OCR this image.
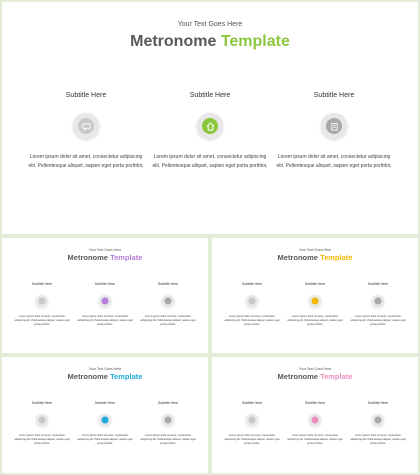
Your Text Goes Here
Metronome Template
Subtitle Here
Lorem ipsum dolor sit amet, consectetur adipiscing elit. Pellentesque aliquet, sapien eget porta porttitor,
Subtitle Here
Lorem ipsum dolor sit amet, consectetur adipiscing elit. Pellentesque aliquet, sapien eget porta porttitor,
Subtitle Here
Lorem ipsum dolor sit amet, consectetur adipiscing elit. Pellentesque aliquet, sapien eget porta porttitor,
Your Text Goes Here
Metronome Template
Subtitle Here
Lorem ipsum dolor sit amet, consectetur adipiscing elit. Pellentesque aliquet, sapien eget porta porttitor,
Subtitle Here
Lorem ipsum dolor sit amet, consectetur adipiscing elit. Pellentesque aliquet, sapien eget porta porttitor,
Subtitle Here
Lorem ipsum dolor sit amet, consectetur adipiscing elit. Pellentesque aliquet, sapien eget porta porttitor,
Your Text Goes Here
Metronome Template
Subtitle Here
Lorem ipsum dolor sit amet, consectetur adipiscing elit. Pellentesque aliquet, sapien eget porta porttitor,
Subtitle Here
Lorem ipsum dolor sit amet, consectetur adipiscing elit. Pellentesque aliquet, sapien eget porta porttitor,
Subtitle Here
Lorem ipsum dolor sit amet, consectetur adipiscing elit. Pellentesque aliquet, sapien eget porta porttitor,
Your Text Goes Here
Metronome Template
Subtitle Here
Lorem ipsum dolor sit amet, consectetur adipiscing elit. Pellentesque aliquet, sapien eget porta porttitor,
Subtitle Here
Lorem ipsum dolor sit amet, consectetur adipiscing elit. Pellentesque aliquet, sapien eget porta porttitor,
Subtitle Here
Lorem ipsum dolor sit amet, consectetur adipiscing elit. Pellentesque aliquet, sapien eget porta porttitor,
Your Text Goes Here
Metronome Template
Subtitle Here
Lorem ipsum dolor sit amet, consectetur adipiscing elit. Pellentesque aliquet, sapien eget porta porttitor,
Subtitle Here
Lorem ipsum dolor sit amet, consectetur adipiscing elit. Pellentesque aliquet, sapien eget porta porttitor,
Subtitle Here
Lorem ipsum dolor sit amet, consectetur adipiscing elit. Pellentesque aliquet, sapien eget porta porttitor,
